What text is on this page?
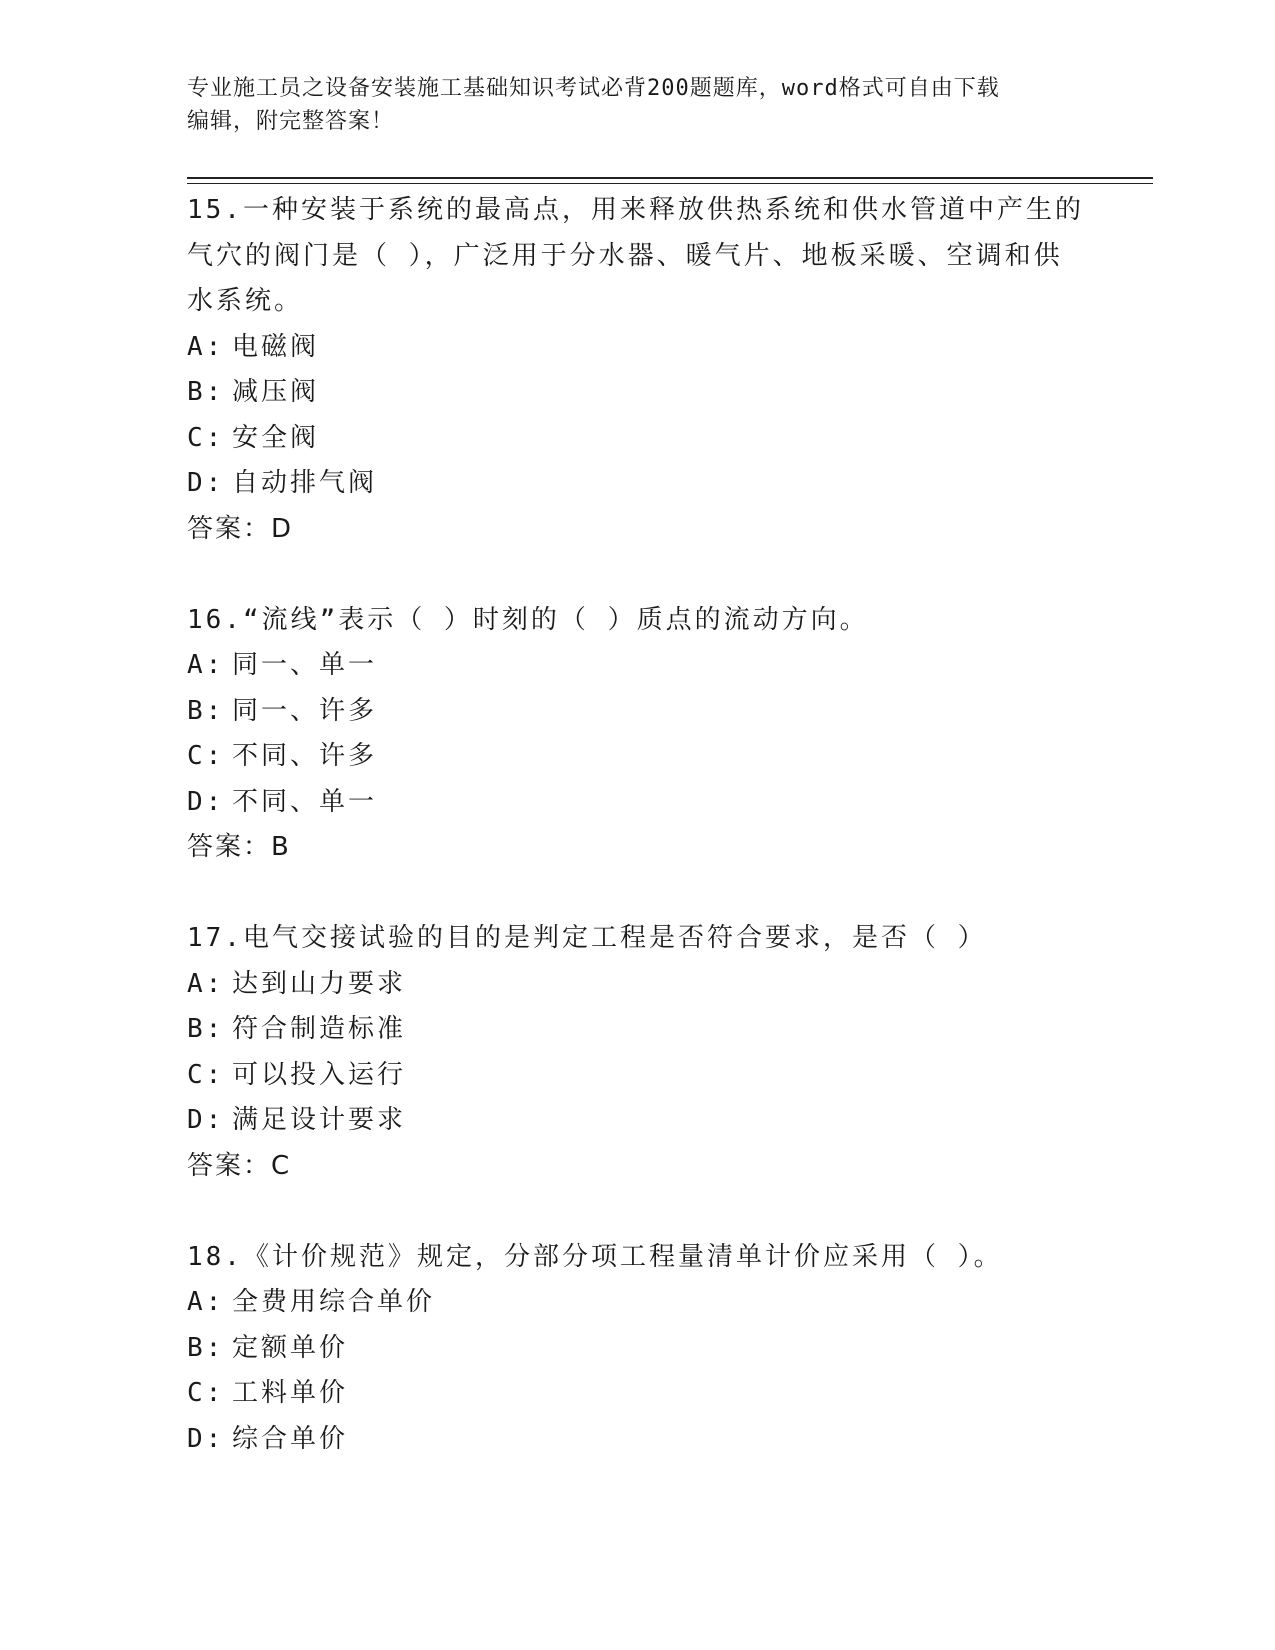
专业施工员之设备安装施工基础知识考试必背200题题库，word格式可自由下载
编辑，附完整答案！
15.一种安装于系统的最高点，用来释放供热系统和供水管道中产生的
气穴的阀门是（ ），广泛用于分水器、暖气片、地板采暖、空调和供
水系统。
A: 电磁阀
B: 减压阀
C: 安全阀
D: 自动排气阀
答案：D
16.“流线”表示（ ）时刻的（ ）质点的流动方向。
A: 同一、单一
B: 同一、许多
C: 不同、许多
D: 不同、单一
答案：B
17.电气交接试验的目的是判定工程是否符合要求，是否（ ）
A: 达到山力要求
B: 符合制造标准
C: 可以投入运行
D: 满足设计要求
答案：C
18.《计价规范》规定，分部分项工程量清单计价应采用（ ）。
A: 全费用综合单价
B: 定额单价
C: 工料单价
D: 综合单价
